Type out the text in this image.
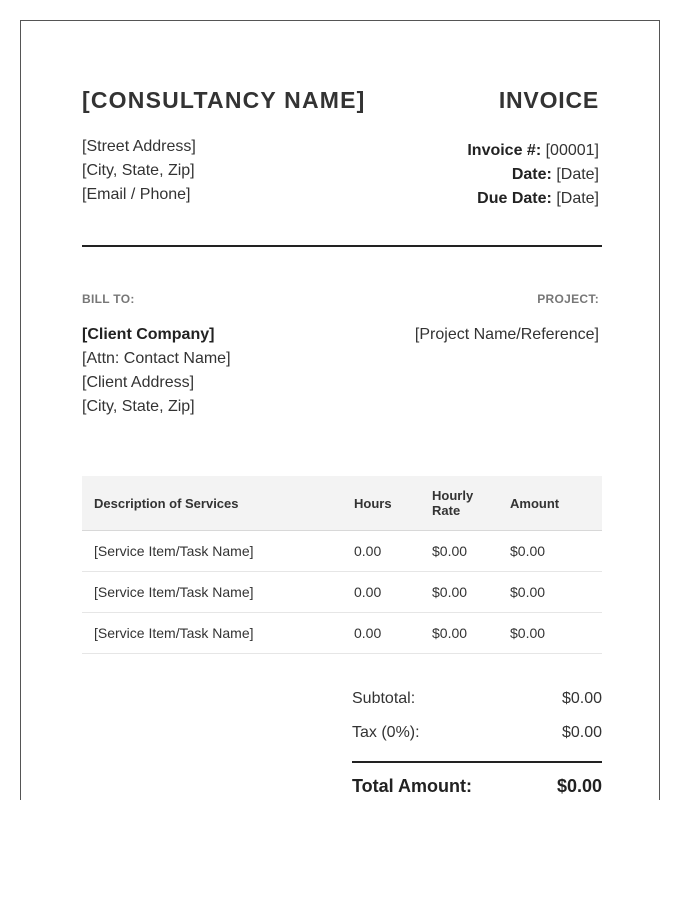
[CONSULTANCY NAME]	INVOICE
[Street Address]
[City, State, Zip]
[Email / Phone]
Invoice #: [00001]
Date: [Date]
Due Date: [Date]
BILL TO:	PROJECT:
[Client Company]
[Attn: Contact Name]
[Client Address]
[City, State, Zip]
[Project Name/Reference]
Description of Services	Hours	Hourly Rate	Amount
[Service Item/Task Name]	0.00	$0.00	$0.00
[Service Item/Task Name]	0.00	$0.00	$0.00
[Service Item/Task Name]	0.00	$0.00	$0.00
Subtotal:	$0.00
Tax (0%):	$0.00
Total Amount:	$0.00
